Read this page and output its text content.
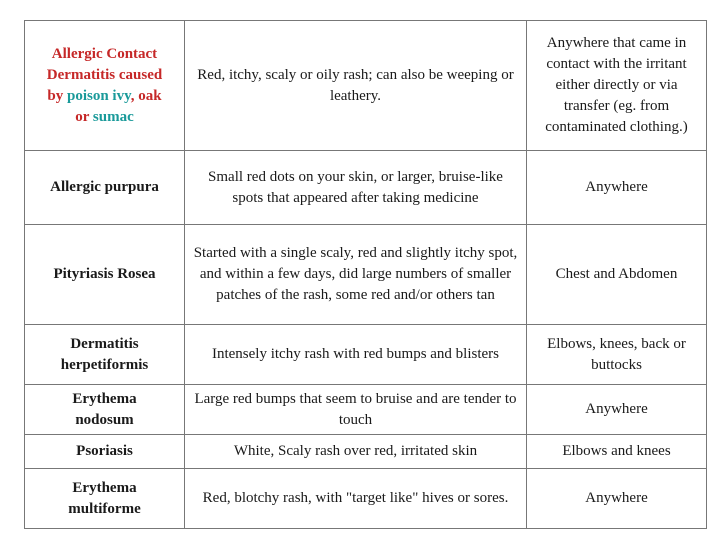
Allergic Contact Dermatitis caused by poison ivy, oak or sumac	Red, itchy, scaly or oily rash; can also be weeping or leathery.	Anywhere that came in contact with the irritant either directly or via transfer (eg. from contaminated clothing.)
Allergic purpura	Small red dots on your skin, or larger, bruise-like spots that appeared after taking medicine	Anywhere
Pityriasis Rosea	Started with a single scaly, red and slightly itchy spot, and within a few days, did large numbers of smaller patches of the rash, some red and/or others tan	Chest and Abdomen
Dermatitis herpetiformis	Intensely itchy rash with red bumps and blisters	Elbows, knees, back or buttocks
Erythema nodosum	Large red bumps that seem to bruise and are tender to touch	Anywhere
Psoriasis	White, Scaly rash over red, irritated skin	Elbows and knees
Erythema multiforme	Red, blotchy rash, with "target like" hives or sores.	Anywhere
